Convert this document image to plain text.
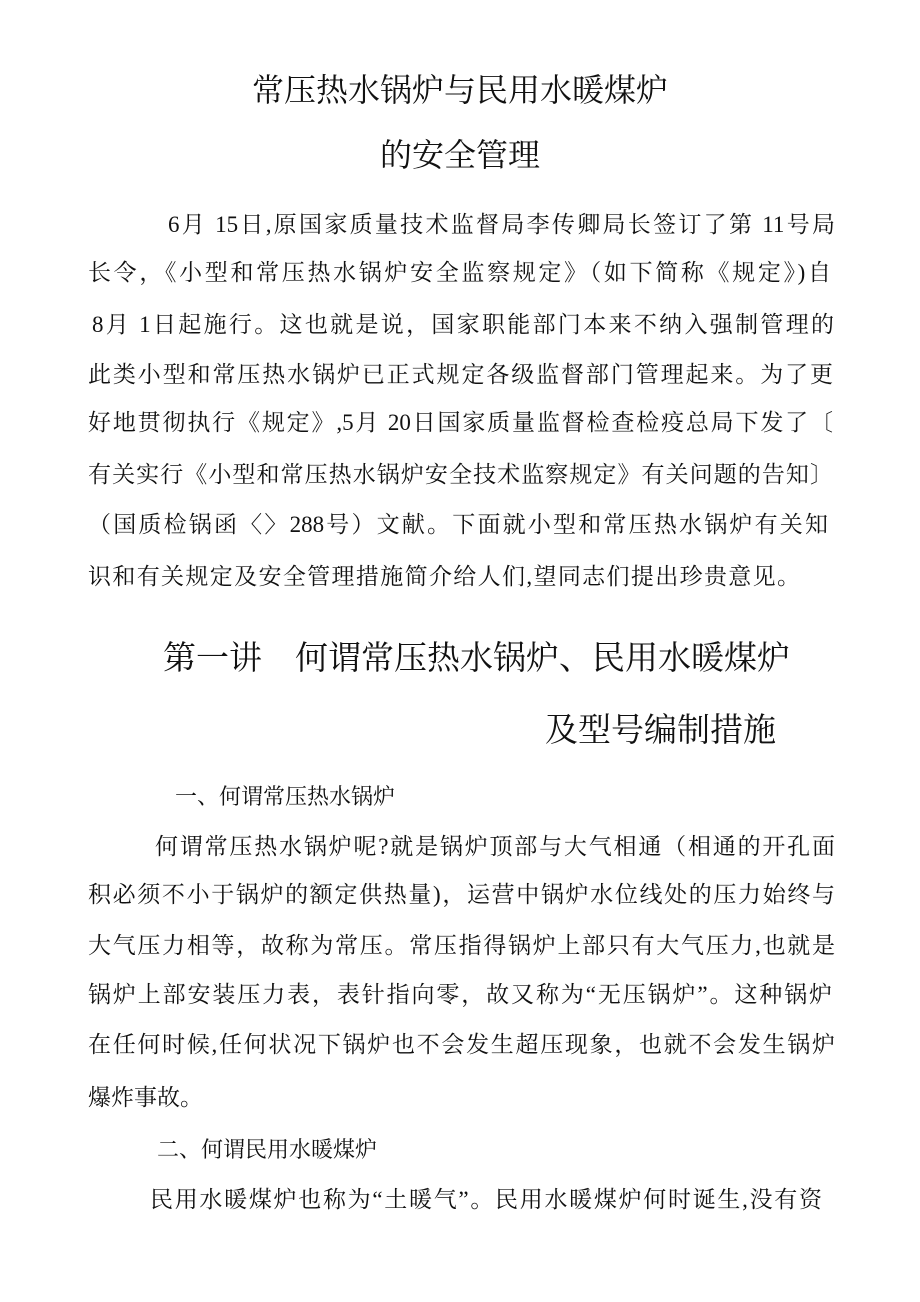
常压热水锅炉与民用水暖煤炉
的安全管理
6月 15日,原国家质量技术监督局李传卿局长签订了第 11号局
长令，《小型和常压热水锅炉安全监察规定》（如下简称《规定》)自
8月 1日起施行。这也就是说，国家职能部门本来不纳入强制管理的
此类小型和常压热水锅炉已正式规定各级监督部门管理起来。为了更
好地贯彻执行《规定》,5月 20日国家质量监督检查检疫总局下发了〔
有关实行《小型和常压热水锅炉安全技术监察规定》有关问题的告知〕
（国质检锅函〈〉288号）文献。下面就小型和常压热水锅炉有关知
识和有关规定及安全管理措施简介给人们,望同志们提出珍贵意见。
第一讲　何谓常压热水锅炉、民用水暖煤炉
及型号编制措施
一、何谓常压热水锅炉
何谓常压热水锅炉呢?就是锅炉顶部与大气相通（相通的开孔面
积必须不小于锅炉的额定供热量)，运营中锅炉水位线处的压力始终与
大气压力相等，故称为常压。常压指得锅炉上部只有大气压力,也就是
锅炉上部安装压力表，表针指向零，故又称为“无压锅炉”。这种锅炉
在任何时候,任何状况下锅炉也不会发生超压现象，也就不会发生锅炉
爆炸事故。
二、何谓民用水暖煤炉
民用水暖煤炉也称为“土暖气”。民用水暖煤炉何时诞生,没有资
